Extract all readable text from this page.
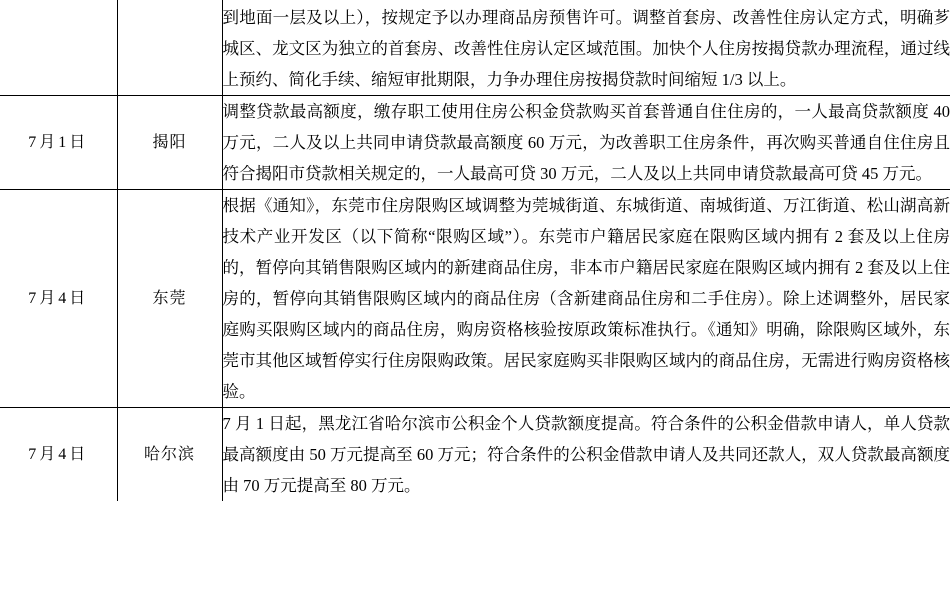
		到地面一层及以上），按规定予以办理商品房预售许可。调整首套房、改善性住房认定方式，明确芗城区、龙文区为独立的首套房、改善性住房认定区域范围。加快个人住房按揭贷款办理流程，通过线上预约、简化手续、缩短审批期限，力争办理住房按揭贷款时间缩短 1/3 以上。
7月1日	揭阳	调整贷款最高额度，缴存职工使用住房公积金贷款购买首套普通自住住房的，一人最高贷款额度 40 万元，二人及以上共同申请贷款最高额度 60 万元，为改善职工住房条件，再次购买普通自住住房且符合揭阳市贷款相关规定的，一人最高可贷 30 万元，二人及以上共同申请贷款最高可贷 45 万元。
7月4日	东莞	根据《通知》，东莞市住房限购区域调整为莞城街道、东城街道、南城街道、万江街道、松山湖高新技术产业开发区（以下简称“限购区域”）。东莞市户籍居民家庭在限购区域内拥有 2 套及以上住房的，暂停向其销售限购区域内的新建商品住房，非本市户籍居民家庭在限购区域内拥有 2 套及以上住房的，暂停向其销售限购区域内的商品住房（含新建商品住房和二手住房）。除上述调整外，居民家庭购买限购区域内的商品住房，购房资格核验按原政策标准执行。《通知》明确，除限购区域外，东莞市其他区域暂停实行住房限购政策。居民家庭购买非限购区域内的商品住房，无需进行购房资格核验。
7月4日	哈尔滨	7 月 1 日起，黑龙江省哈尔滨市公积金个人贷款额度提高。符合条件的公积金借款申请人，单人贷款最高额度由 50 万元提高至 60 万元；符合条件的公积金借款申请人及共同还款人，双人贷款最高额度由 70 万元提高至 80 万元。
